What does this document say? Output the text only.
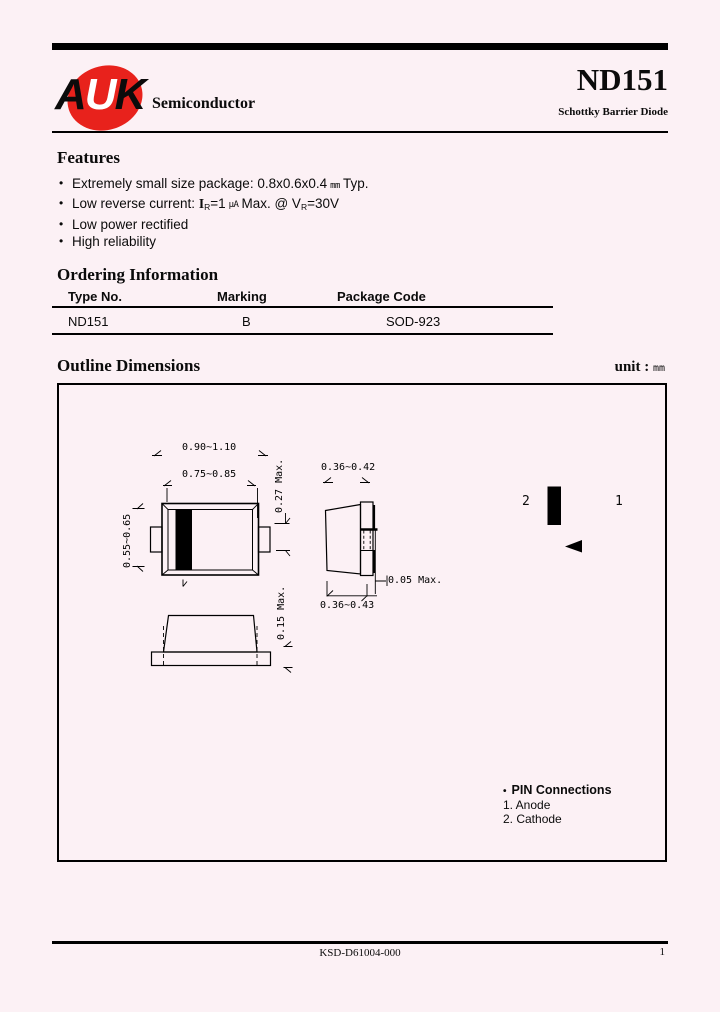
AUK Semiconductor
ND151
Schottky Barrier Diode
Features
• Extremely small size package: 0.8x0.6x0.4 mm Typ.
• Low reverse current: $I_R=1$ μA Max. @ $V_R=30V$
• Low power rectified
• High reliability
Ordering Information
Type No.	Marking	Package Code
ND151	B	SOD-923
Outline Dimensions	unit : mm
0.90~1.10
0.75~0.85
0.55~0.65
0.27 Max.
0.15 Max.
0.36~0.42
0.05 Max.
0.36~0.43
2	1
• PIN Connections
1. Anode
2. Cathode
KSD-D61004-000	1
